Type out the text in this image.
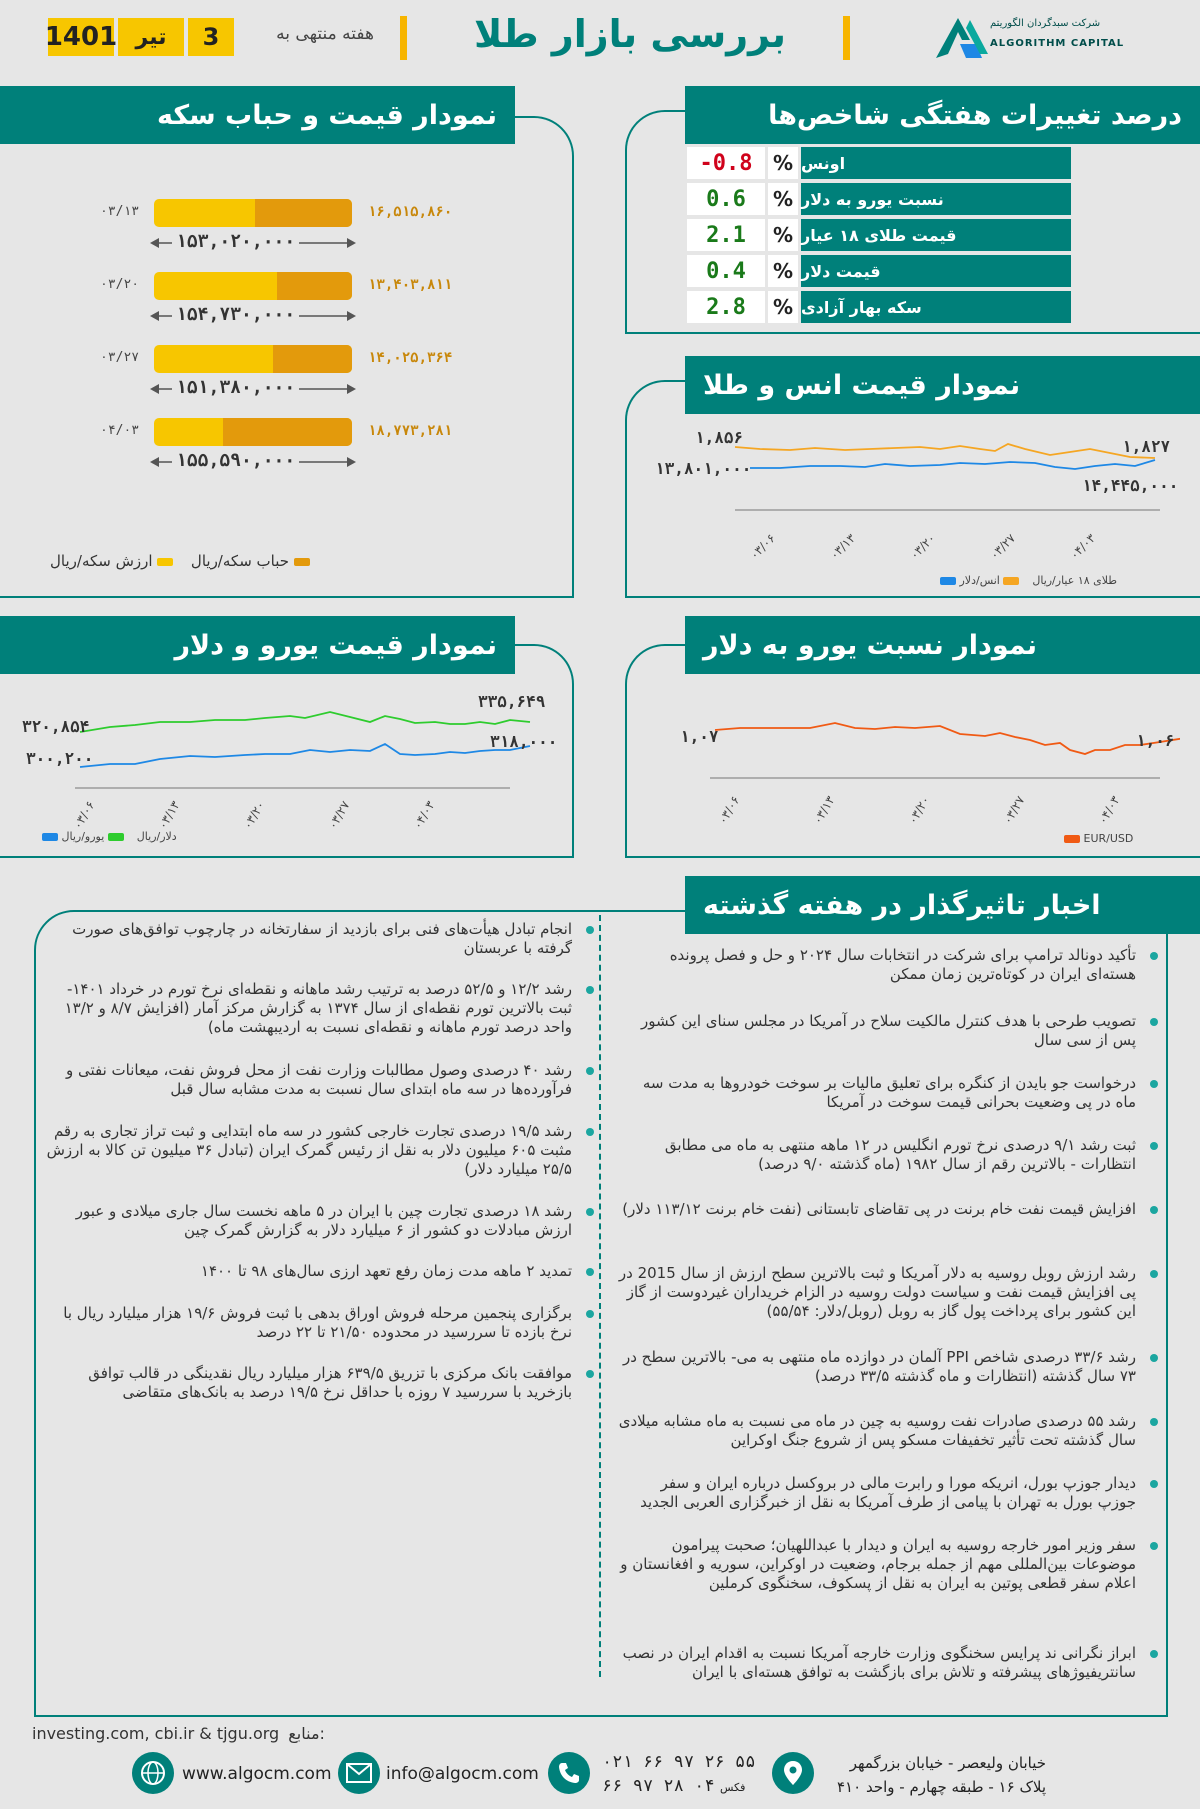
1401 تیر	3	هفته منتهی به	بررسی بازار طلا	شرکت سبدگردان الگوریتم
ALGORITHM CAPITAL
درصد تغییرات هفتگی شاخص‌ها
-0.8	% اونس
0.6	% نسبت یورو به دلار
2.1	% قیمت طلای ۱۸ عیار
0.4	% قیمت دلار
2.8	% سکه بهار آزادی
نمودار قیمت و حباب سکه
۰۳/۱۳	۱۶,۵۱۵,۸۶۰
۱۵۳,۰۲۰,۰۰۰
۰۳/۲۰	۱۳,۴۰۳,۸۱۱
۱۵۴,۷۳۰,۰۰۰
۰۳/۲۷	۱۴,۰۲۵,۳۶۴
۱۵۱,۳۸۰,۰۰۰
۰۴/۰۳	۱۸,۷۷۳,۲۸۱
۱۵۵,۵۹۰,۰۰۰
حباب سکه/ریال   ارزش سکه/ریال
نمودار قیمت انس و طلا
۰۳/۰۶	۰۳/۱۳	۰۳/۲۰	۰۳/۲۷	۰۴/۰۳
۱,۸۵۶
۱۳,۸۰۱,۰۰۰
۱,۸۲۷
۱۴,۴۴۵,۰۰۰
طلای ۱۸ عیار/ریال   انس/دلار
نمودار قیمت یورو و دلار
۰۳/۰۶	۰۳/۱۳	۰۳/۲۰	۰۳/۲۷	۰۴/۰۳
۳۲۰,۸۵۴
۳۰۰,۲۰۰
۳۳۵,۶۴۹
۳۱۸,۰۰۰
دلار/ریال   یورو/ریال
نمودار نسبت یورو به دلار
۰۳/۰۶	۰۳/۱۳	۰۳/۲۰	۰۳/۲۷	۰۴/۰۳
۱,۰۷	۱,۰۶
EUR/USD
اخبار تاثیرگذار در هفته گذشته
تأکید دونالد ترامپ برای شرکت در انتخابات سال ۲۰۲۴ و حل و فصل پرونده هسته‌ای ایران در کوتاه‌ترین زمان ممکن
تصویب طرحی با هدف کنترل مالکیت سلاح در آمریکا در مجلس سنای این کشور پس از سی سال
درخواست جو بایدن از کنگره برای تعلیق مالیات بر سوخت خودروها به مدت سه ماه در پی وضعیت بحرانی قیمت سوخت در آمریکا
ثبت رشد ۹/۱ درصدی نرخ تورم انگلیس در ۱۲ ماهه منتهی به ماه می مطابق انتظارات - بالاترین رقم از سال ۱۹۸۲ (ماه گذشته ۹/۰ درصد)
افزایش قیمت نفت خام برنت در پی تقاضای تابستانی (نفت خام برنت ۱۱۳/۱۲ دلار)
رشد ارزش روبل روسیه به دلار آمریکا و ثبت بالاترین سطح ارزش از سال 2015 در پی افزایش قیمت نفت و سیاست دولت روسیه در الزام خریداران غیردوست از گاز این کشور برای پرداخت پول گاز به روبل (روبل/دلار: ۵۵/۵۴)
رشد ۳۳/۶ درصدی شاخص PPI آلمان در دوازده ماه منتهی به می- بالاترین سطح در ۷۳ سال گذشته (انتظارات و ماه گذشته ۳۳/۵ درصد)
رشد ۵۵ درصدی صادرات نفت روسیه به چین در ماه می نسبت به ماه مشابه میلادی سال گذشته تحت تأثیر تخفیفات مسکو پس از شروع جنگ اوکراین
دیدار جوزپ بورل، انریکه مورا و رابرت مالی در بروکسل درباره ایران و سفر جوزپ بورل به تهران با پیامی از طرف آمریکا به نقل از خبرگزاری العربی الجدید
سفر وزیر امور خارجه روسیه به ایران و دیدار با عبداللهیان؛ صحبت پیرامون موضوعات بین‌المللی مهم از جمله برجام، وضعیت در اوکراین، سوریه و افغانستان و اعلام سفر قطعی پوتین به ایران به نقل از پسکوف، سخنگوی کرملین
ابراز نگرانی ند پرایس سخنگوی وزارت خارجه آمریکا نسبت به اقدام ایران در نصب سانتریفیوژهای پیشرفته و تلاش برای بازگشت به توافق هسته‌ای با ایران
انجام تبادل هیأت‌های فنی برای بازدید از سفارتخانه در چارچوب توافق‌های صورت گرفته با عربستان
رشد ۱۲/۲ و ۵۲/۵ درصد به ترتیب رشد ماهانه و نقطه‌ای نرخ تورم در خرداد ۱۴۰۱-ثبت بالاترین تورم نقطه‌ای از سال ۱۳۷۴ به گزارش مرکز آمار (افزایش ۸/۷ و ۱۳/۲ واحد درصد تورم ماهانه و نقطه‌ای نسبت به اردیبهشت ماه)
رشد ۴۰ درصدی وصول مطالبات وزارت نفت از محل فروش نفت، میعانات نفتی و فرآورده‌ها در سه ماه ابتدای سال نسبت به مدت مشابه سال قبل
رشد ۱۹/۵ درصدی تجارت خارجی کشور در سه ماه ابتدایی و ثبت تراز تجاری به رقم مثبت ۶۰۵ میلیون دلار به نقل از رئیس گمرک ایران (تبادل ۳۶ میلیون تن کالا به ارزش ۲۵/۵ میلیارد دلار)
رشد ۱۸ درصدی تجارت چین با ایران در ۵ ماهه نخست سال جاری میلادی و عبور ارزش مبادلات دو کشور از ۶ میلیارد دلار به گزارش گمرک چین
تمدید ۲ ماهه مدت زمان رفع تعهد ارزی سال‌های ۹۸ تا ۱۴۰۰
برگزاری پنجمین مرحله فروش اوراق بدهی با ثبت فروش ۱۹/۶ هزار میلیارد ریال با نرخ بازده تا سررسید در محدوده ۲۱/۵۰ تا ۲۲ درصد
موافقت بانک مرکزی با تزریق ۶۳۹/۵ هزار میلیارد ریال نقدینگی در قالب توافق بازخرید با سررسید ۷ روزه با حداقل نرخ ۱۹/۵ درصد به بانک‌های متقاضی
investing.com, cbi.ir & tjgu.org منابع:
www.algocm.com	info@algocm.com
۰۲۱ ۶۶ ۹۷ ۲۶ ۵۵
۶۶ ۹۷ ۲۸ ۰۴ فکس
خیابان ولیعصر - خیابان بزرگمهر
پلاک ۱۶ - طبقه چهارم - واحد ۴۱۰
